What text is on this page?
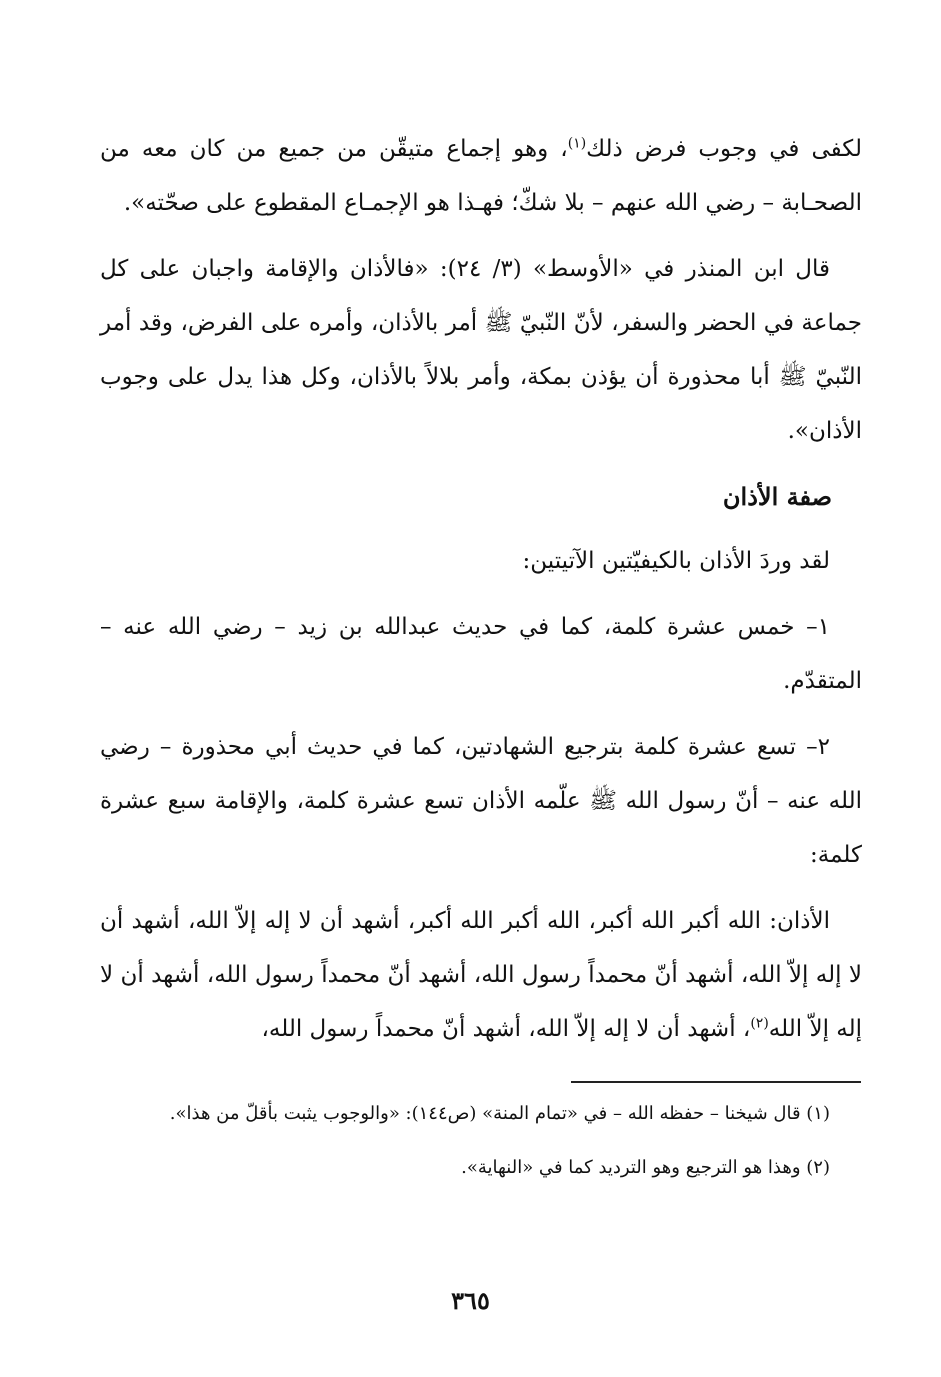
لكفى في وجوب فرض ذلك$^{(١)}$، وهو إجماع متيقّن من جميع من كان معه من الصحـابة – رضي الله عنهم – بلا شكّ؛ فهـذا هو الإجمـاع المقطوع على صحّته».

قال ابن المنذر في «الأوسط» (٣/ ٢٤): «فالأذان والإقامة واجبان على كل جماعة في الحضر والسفر، لأنّ النّبيّ ﷺ أمر بالأذان، وأمره على الفرض، وقد أمر النّبيّ ﷺ أبا محذورة أن يؤذن بمكة، وأمر بلالاً بالأذان، وكل هذا يدل على وجوب الأذان».

صفة الأذان

لقد وردَ الأذان بالكيفيّتين الآتيتين:

١– خمس عشرة كلمة، كما في حديث عبدالله بن زيد – رضي الله عنه – المتقدّم.

٢– تسع عشرة كلمة بترجيع الشهادتين، كما في حديث أبي محذورة – رضي الله عنه – أنّ رسول الله ﷺ علّمه الأذان تسع عشرة كلمة، والإقامة سبع عشرة كلمة:

الأذان: الله أكبر الله أكبر، الله أكبر الله أكبر، أشهد أن لا إله إلاّ الله، أشهد أن لا إله إلاّ الله، أشهد أنّ محمداً رسول الله، أشهد أنّ محمداً رسول الله، أشهد أن لا إله إلاّ الله$^{(٢)}$، أشهد أن لا إله إلاّ الله، أشهد أنّ محمداً رسول الله،

(١) قال شيخنا – حفظه الله – في «تمام المنة» (ص١٤٤): «والوجوب يثبت بأقلّ من هذا».

(٢) وهذا هو الترجيع وهو الترديد كما في «النهاية».

٣٦٥
